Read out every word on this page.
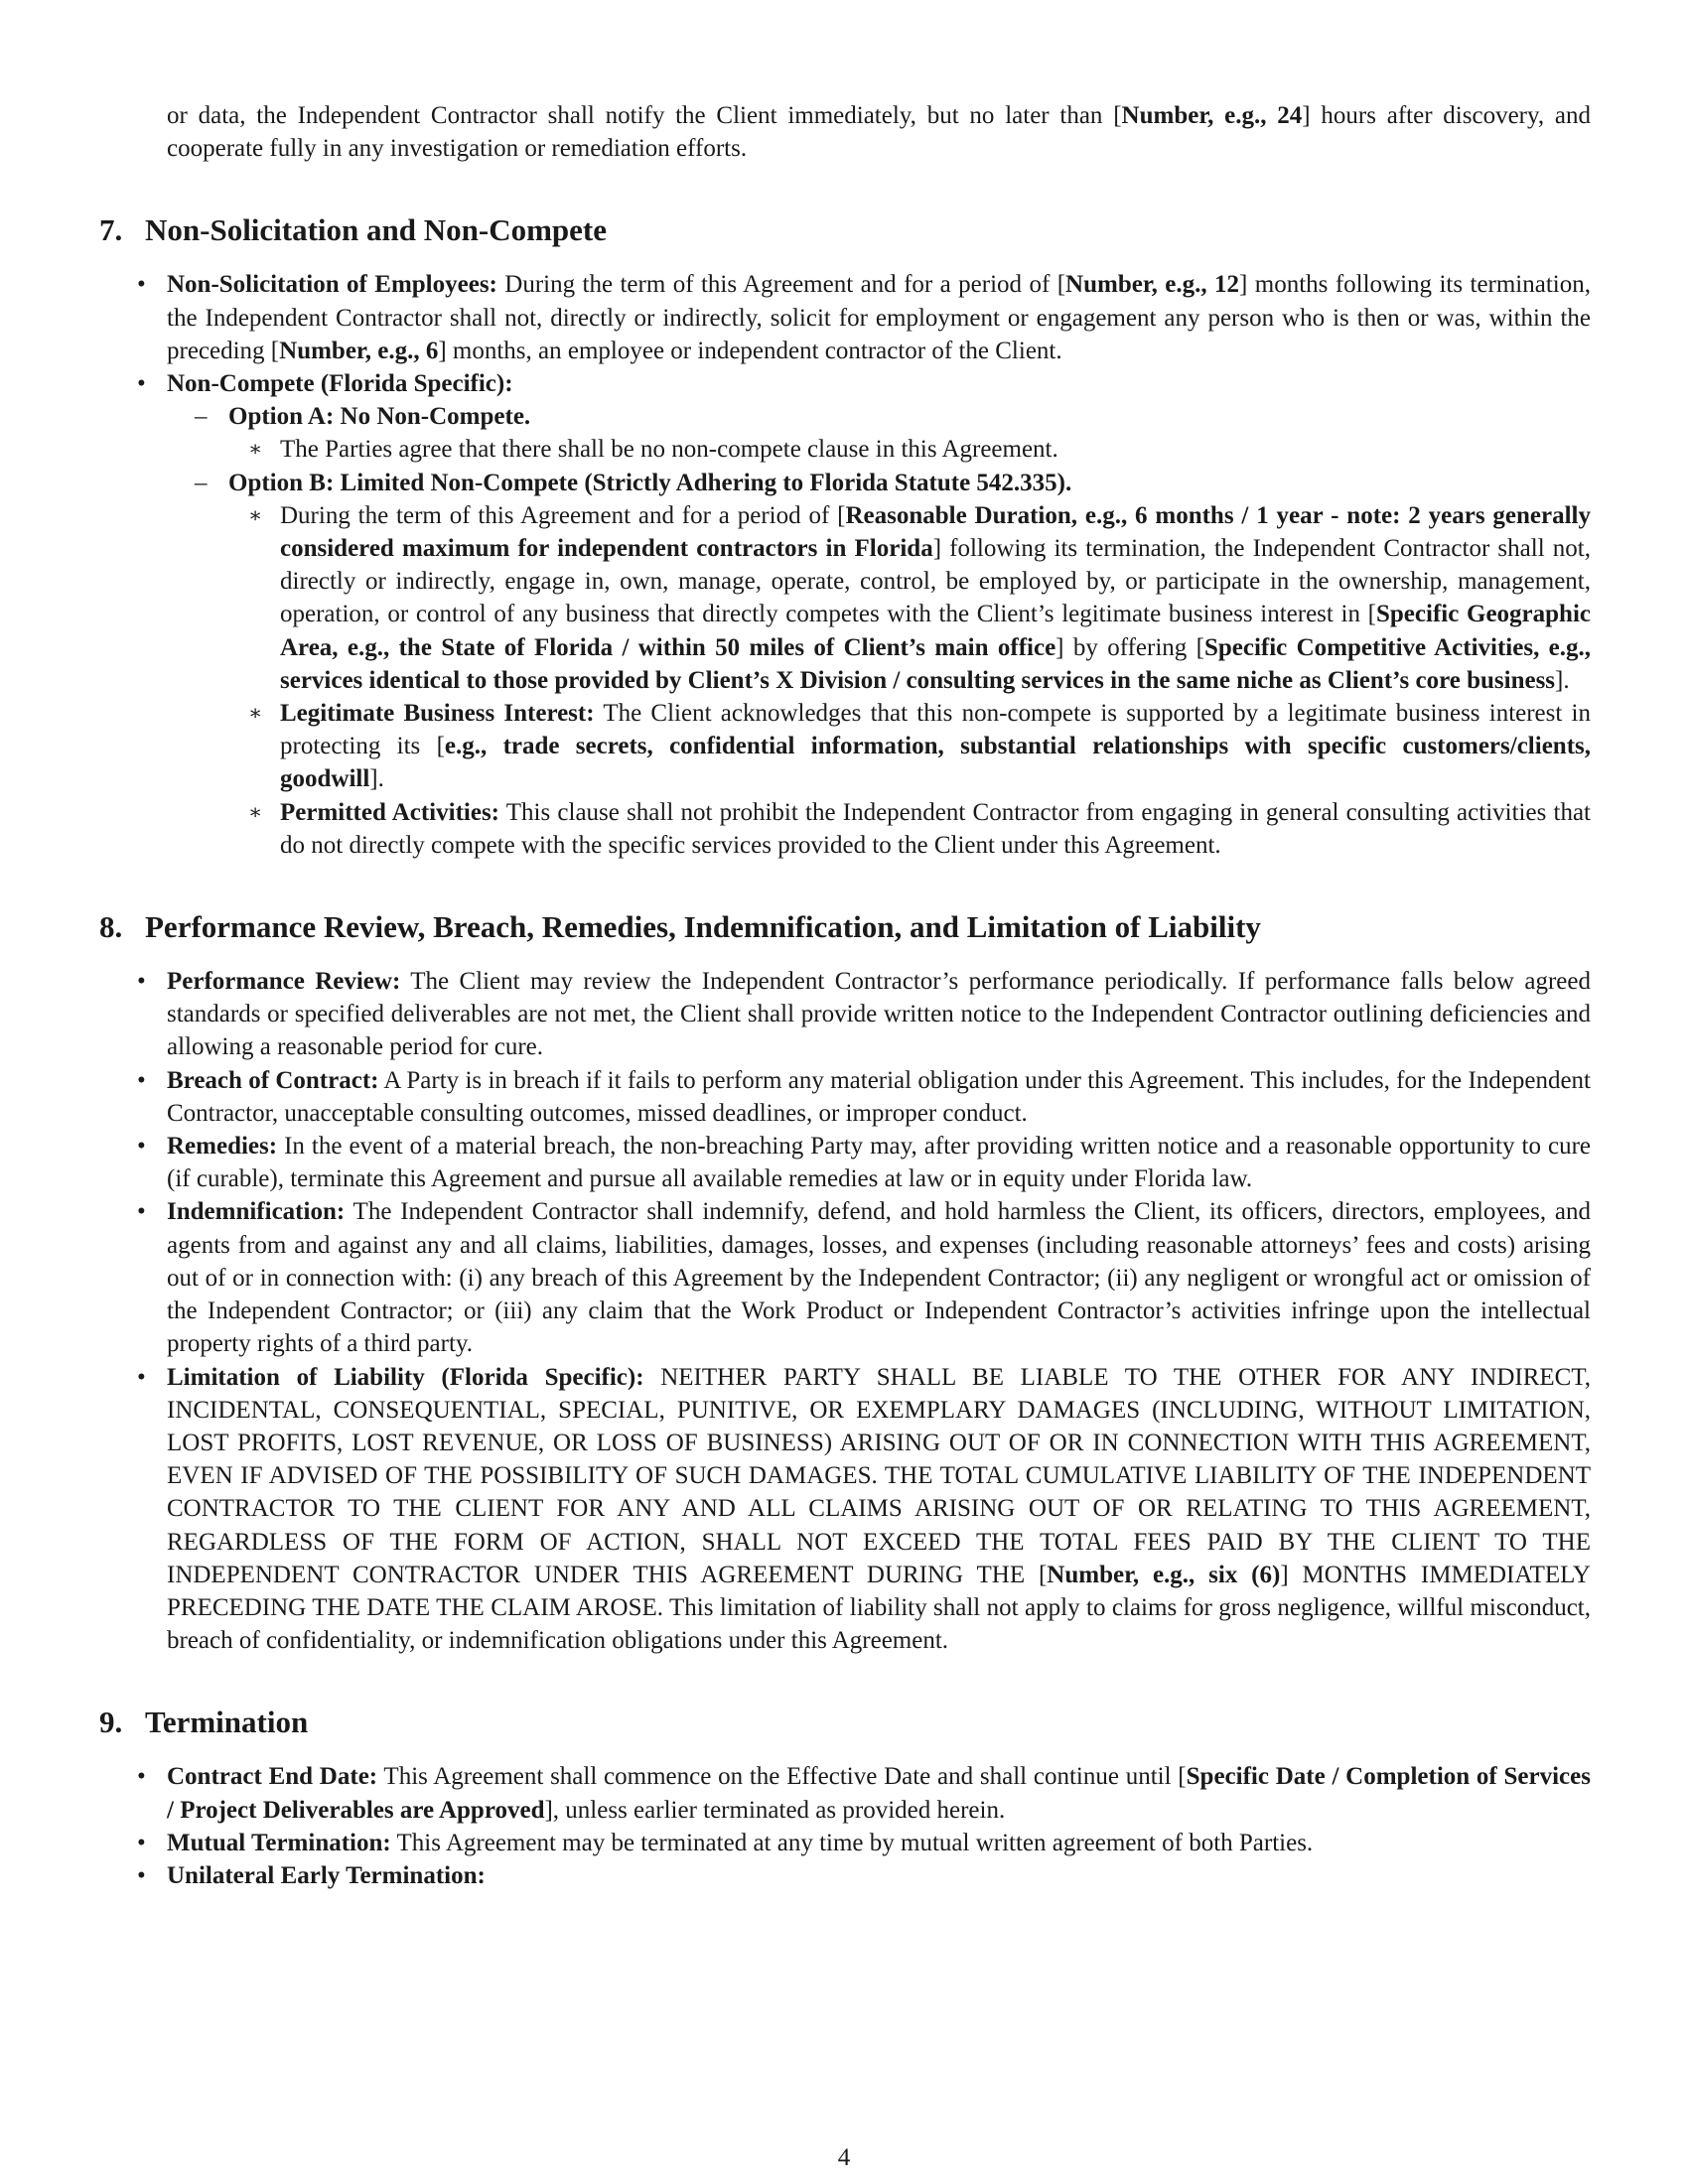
or data, the Independent Contractor shall notify the Client immediately, but no later than [Number, e.g., 24] hours after discovery, and cooperate fully in any investigation or remediation efforts.

7. Non-Solicitation and Non-Compete
• Non-Solicitation of Employees: During the term of this Agreement and for a period of [Number, e.g., 12] months following its termination, the Independent Contractor shall not, directly or indirectly, solicit for employment or engagement any person who is then or was, within the preceding [Number, e.g., 6] months, an employee or independent contractor of the Client.
• Non-Compete (Florida Specific):
– Option A: No Non-Compete.
∗ The Parties agree that there shall be no non-compete clause in this Agreement.
– Option B: Limited Non-Compete (Strictly Adhering to Florida Statute 542.335).
∗ During the term of this Agreement and for a period of [Reasonable Duration, e.g., 6 months / 1 year - note: 2 years generally considered maximum for independent contractors in Florida] following its termination, the Independent Contractor shall not, directly or indirectly, engage in, own, manage, operate, control, be employed by, or participate in the ownership, management, operation, or control of any business that directly competes with the Client’s legitimate business interest in [Specific Geographic Area, e.g., the State of Florida / within 50 miles of Client’s main office] by offering [Specific Competitive Activities, e.g., services identical to those provided by Client’s X Division / consulting services in the same niche as Client’s core business].
∗ Legitimate Business Interest: The Client acknowledges that this non-compete is supported by a legitimate business interest in protecting its [e.g., trade secrets, confidential information, substantial relationships with specific customers/clients, goodwill].
∗ Permitted Activities: This clause shall not prohibit the Independent Contractor from engaging in general consulting activities that do not directly compete with the specific services provided to the Client under this Agreement.
8. Performance Review, Breach, Remedies, Indemnification, and Limitation of Liability
• Performance Review: The Client may review the Independent Contractor’s performance periodically. If performance falls below agreed standards or specified deliverables are not met, the Client shall provide written notice to the Independent Contractor outlining deficiencies and allowing a reasonable period for cure.
• Breach of Contract: A Party is in breach if it fails to perform any material obligation under this Agreement. This includes, for the Independent Contractor, unacceptable consulting outcomes, missed deadlines, or improper conduct.
• Remedies: In the event of a material breach, the non-breaching Party may, after providing written notice and a reasonable opportunity to cure (if curable), terminate this Agreement and pursue all available remedies at law or in equity under Florida law.
• Indemnification: The Independent Contractor shall indemnify, defend, and hold harmless the Client, its officers, directors, employees, and agents from and against any and all claims, liabilities, damages, losses, and expenses (including reasonable attorneys’ fees and costs) arising out of or in connection with: (i) any breach of this Agreement by the Independent Contractor; (ii) any negligent or wrongful act or omission of the Independent Contractor; or (iii) any claim that the Work Product or Independent Contractor’s activities infringe upon the intellectual property rights of a third party.
• Limitation of Liability (Florida Specific): NEITHER PARTY SHALL BE LIABLE TO THE OTHER FOR ANY INDIRECT, INCIDENTAL, CONSEQUENTIAL, SPECIAL, PUNITIVE, OR EXEMPLARY DAMAGES (INCLUDING, WITHOUT LIMITATION, LOST PROFITS, LOST REVENUE, OR LOSS OF BUSINESS) ARISING OUT OF OR IN CONNECTION WITH THIS AGREEMENT, EVEN IF ADVISED OF THE POSSIBILITY OF SUCH DAMAGES. THE TOTAL CUMULATIVE LIABILITY OF THE INDEPENDENT CONTRACTOR TO THE CLIENT FOR ANY AND ALL CLAIMS ARISING OUT OF OR RELATING TO THIS AGREEMENT, REGARDLESS OF THE FORM OF ACTION, SHALL NOT EXCEED THE TOTAL FEES PAID BY THE CLIENT TO THE INDEPENDENT CONTRACTOR UNDER THIS AGREEMENT DURING THE [Number, e.g., six (6)] MONTHS IMMEDIATELY PRECEDING THE DATE THE CLAIM AROSE. This limitation of liability shall not apply to claims for gross negligence, willful misconduct, breach of confidentiality, or indemnification obligations under this Agreement.
9. Termination
• Contract End Date: This Agreement shall commence on the Effective Date and shall continue until [Specific Date / Completion of Services / Project Deliverables are Approved], unless earlier terminated as provided herein.
• Mutual Termination: This Agreement may be terminated at any time by mutual written agreement of both Parties.
• Unilateral Early Termination:
4
